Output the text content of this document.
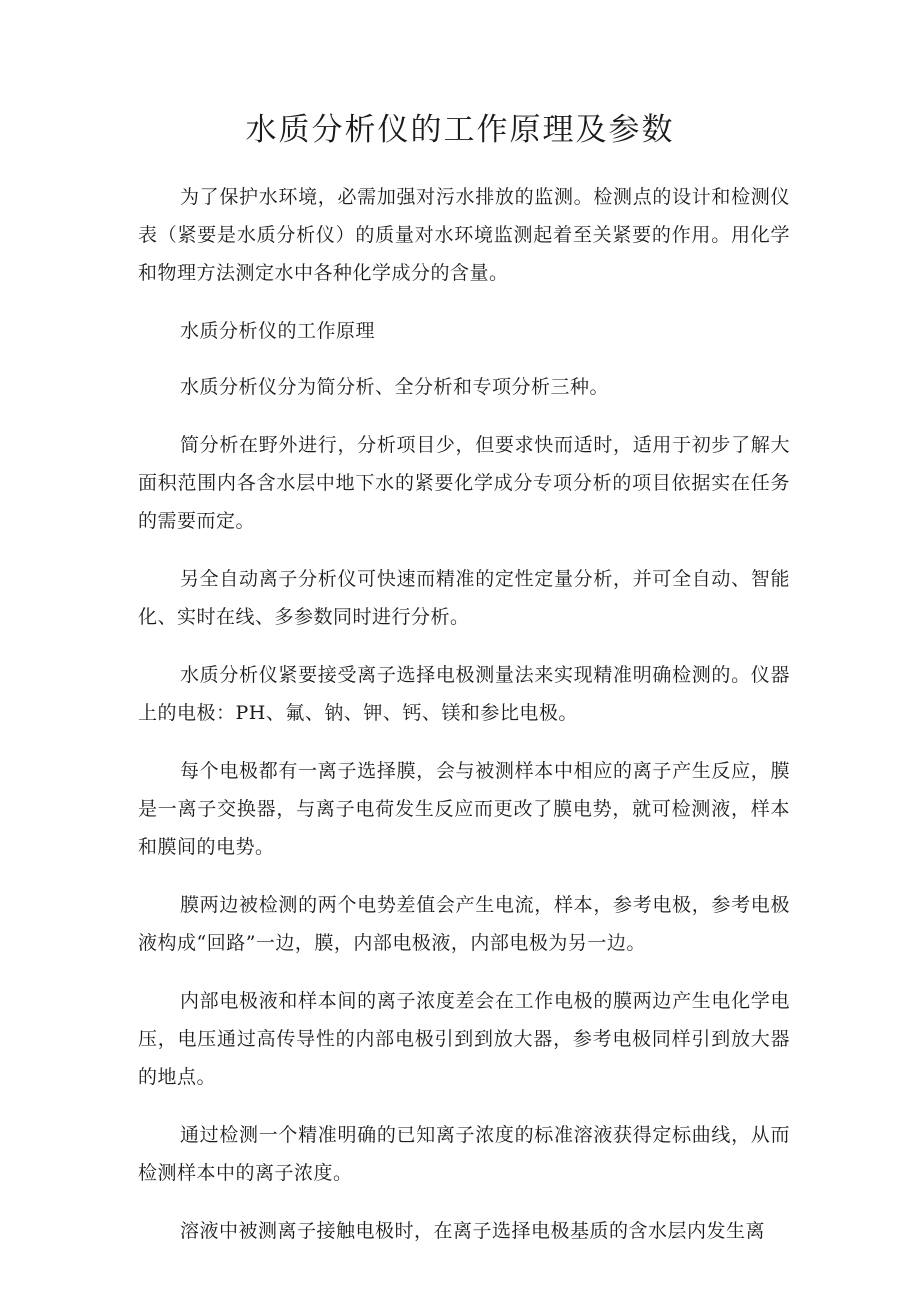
水质分析仪的工作原理及参数

为了保护水环境，必需加强对污水排放的监测。检测点的设计和检测仪表（紧要是水质分析仪）的质量对水环境监测起着至关紧要的作用。用化学和物理方法测定水中各种化学成分的含量。

水质分析仪的工作原理

水质分析仪分为简分析、全分析和专项分析三种。

简分析在野外进行，分析项目少，但要求快而适时，适用于初步了解大面积范围内各含水层中地下水的紧要化学成分专项分析的项目依据实在任务的需要而定。

另全自动离子分析仪可快速而精准的定性定量分析，并可全自动、智能化、实时在线、多参数同时进行分析。

水质分析仪紧要接受离子选择电极测量法来实现精准明确检测的。仪器上的电极：PH、氟、钠、钾、钙、镁和参比电极。

每个电极都有一离子选择膜，会与被测样本中相应的离子产生反应，膜是一离子交换器，与离子电荷发生反应而更改了膜电势，就可检测液，样本和膜间的电势。

膜两边被检测的两个电势差值会产生电流，样本，参考电极，参考电极液构成“回路”一边，膜，内部电极液，内部电极为另一边。

内部电极液和样本间的离子浓度差会在工作电极的膜两边产生电化学电压，电压通过高传导性的内部电极引到到放大器，参考电极同样引到放大器的地点。

通过检测一个精准明确的已知离子浓度的标准溶液获得定标曲线，从而检测样本中的离子浓度。

溶液中被测离子接触电极时，在离子选择电极基质的含水层内发生离
